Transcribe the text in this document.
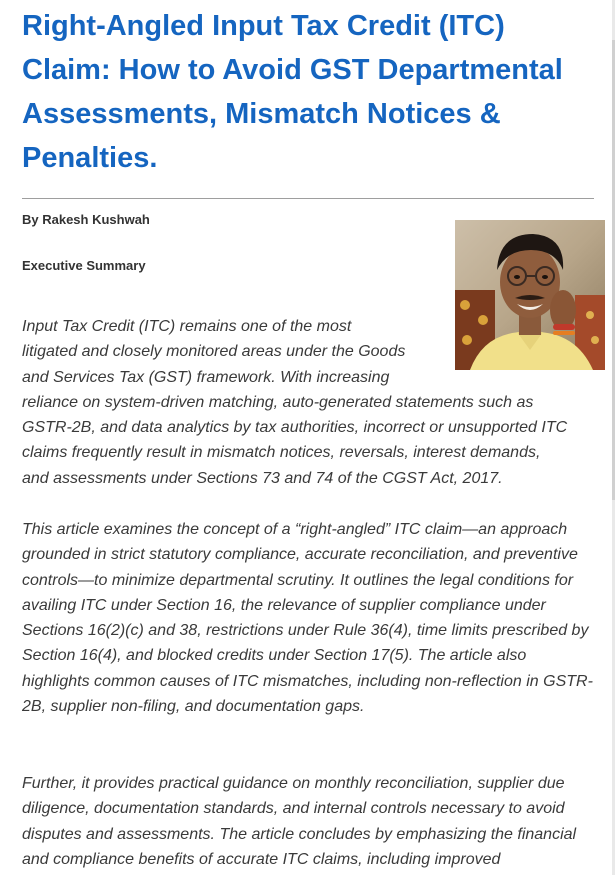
Right-Angled Input Tax Credit (ITC) Claim: How to Avoid GST Departmental Assessments, Mismatch Notices & Penalties.
By Rakesh Kushwah
Executive Summary
Input Tax Credit (ITC) remains one of the most
litigated and closely monitored areas under the Goods
and Services Tax (GST) framework. With increasing
reliance on system-driven matching, auto-generated statements such as
GSTR-2B, and data analytics by tax authorities, incorrect or unsupported ITC
claims frequently result in mismatch notices, reversals, interest demands,
and assessments under Sections 73 and 74 of the CGST Act, 2017.

This article examines the concept of a “right-angled” ITC claim—an approach grounded in strict statutory compliance, accurate reconciliation, and preventive controls—to minimize departmental scrutiny. It outlines the legal conditions for availing ITC under Section 16, the relevance of supplier compliance under Sections 16(2)(c) and 38, restrictions under Rule 36(4), time limits prescribed by Section 16(4), and blocked credits under Section 17(5). The article also highlights common causes of ITC mismatches, including non-reflection in GSTR-2B, supplier non-filing, and documentation gaps.

Further, it provides practical guidance on monthly reconciliation, supplier due diligence, documentation standards, and internal controls necessary to avoid disputes and assessments. The article concludes by emphasizing the financial and compliance benefits of accurate ITC claims, including improved
